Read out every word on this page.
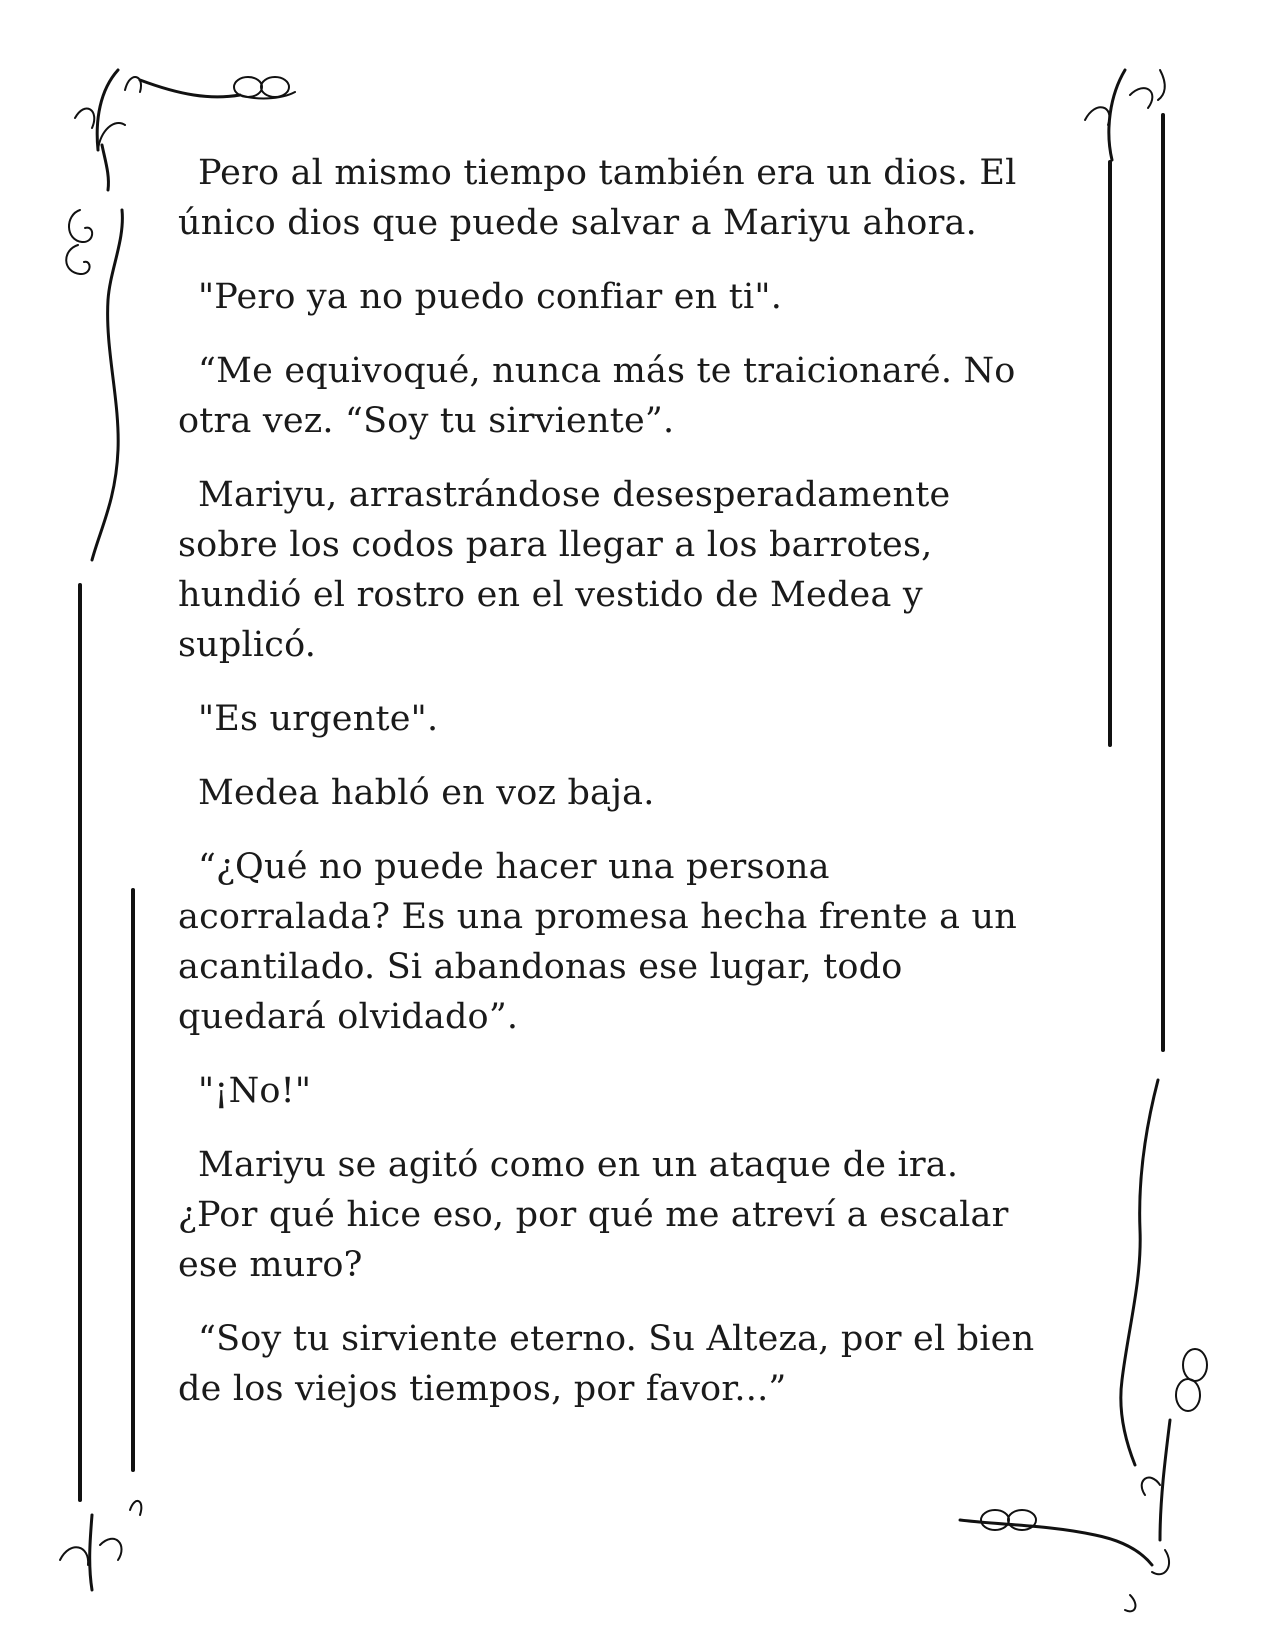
Pero al mismo tiempo también era un dios. El
único dios que puede salvar a Mariyu ahora.

"Pero ya no puedo confiar en ti".

“Me equivoqué, nunca más te traicionaré. No
otra vez. “Soy tu sirviente”.

Mariyu, arrastrándose desesperadamente
sobre los codos para llegar a los barrotes,
hundió el rostro en el vestido de Medea y
suplicó.

"Es urgente".

Medea habló en voz baja.

“¿Qué no puede hacer una persona
acorralada? Es una promesa hecha frente a un
acantilado. Si abandonas ese lugar, todo
quedará olvidado”.

"¡No!"

Mariyu se agitó como en un ataque de ira.
¿Por qué hice eso, por qué me atreví a escalar
ese muro?

“Soy tu sirviente eterno. Su Alteza, por el bien
de los viejos tiempos, por favor...”
